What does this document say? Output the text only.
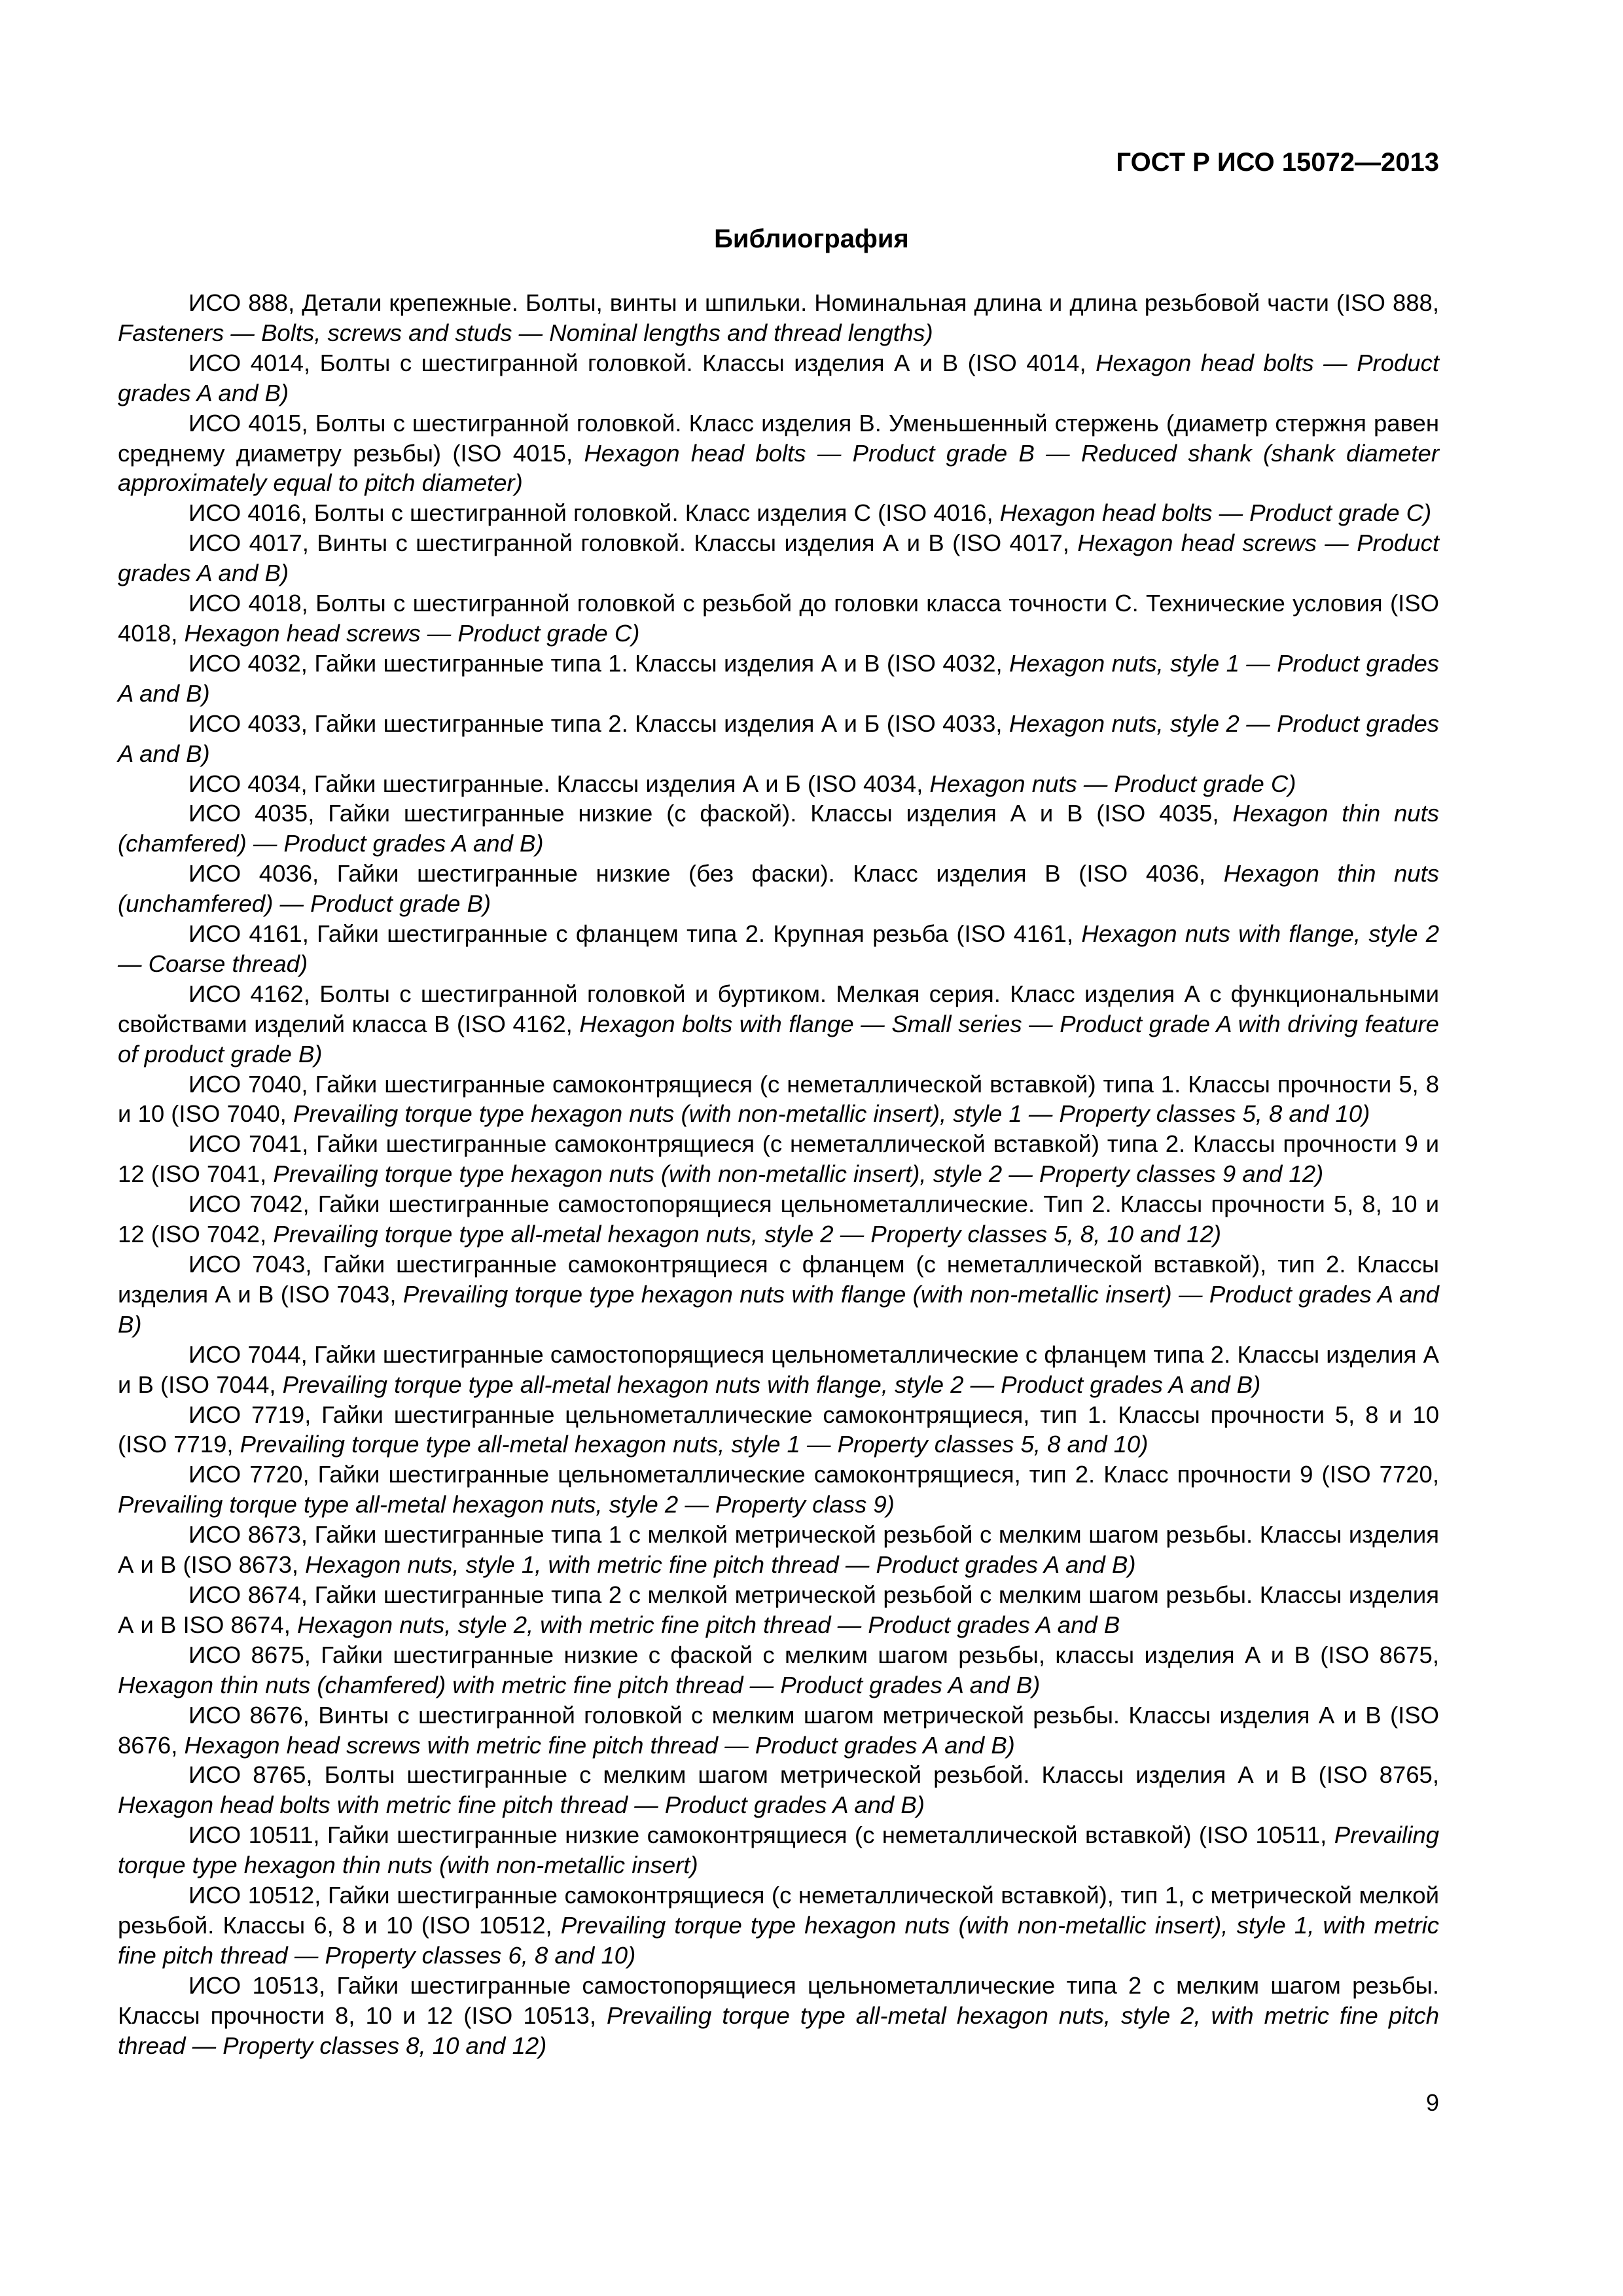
ГОСТ Р ИСО 15072—2013
Библиография

ИСО 888, Детали крепежные. Болты, винты и шпильки. Номинальная длина и длина резьбовой части (ISO 888, Fasteners — Bolts, screws and studs — Nominal lengths and thread lengths)

ИСО 4014, Болты с шестигранной головкой. Классы изделия А и В (ISO 4014, Hexagon head bolts — Product grades A and B)

ИСО 4015, Болты с шестигранной головкой. Класс изделия В. Уменьшенный стержень (диаметр стержня равен среднему диаметру резьбы) (ISO 4015, Hexagon head bolts — Product grade B — Reduced shank (shank diameter approximately equal to pitch diameter)

ИСО 4016, Болты с шестигранной головкой. Класс изделия С (ISO 4016, Hexagon head bolts — Product grade C)

ИСО 4017, Винты с шестигранной головкой. Классы изделия А и В (ISO 4017, Hexagon head screws — Product grades A and B)

ИСО 4018, Болты с шестигранной головкой с резьбой до головки класса точности С. Технические условия (ISO 4018, Hexagon head screws — Product grade C)

ИСО 4032, Гайки шестигранные типа 1. Классы изделия А и В (ISO 4032, Hexagon nuts, style 1 — Product grades A and B)

ИСО 4033, Гайки шестигранные типа 2. Классы изделия А и Б (ISO 4033, Hexagon nuts, style 2 — Product grades A and B)

ИСО 4034, Гайки шестигранные. Классы изделия А и Б (ISO 4034, Hexagon nuts — Product grade C)

ИСО 4035, Гайки шестигранные низкие (с фаской). Классы изделия А и В (ISO 4035, Hexagon thin nuts (chamfered) — Product grades A and B)

ИСО 4036, Гайки шестигранные низкие (без фаски). Класс изделия В (ISO 4036, Hexagon thin nuts (unchamfered) — Product grade B)

ИСО 4161, Гайки шестигранные с фланцем типа 2. Крупная резьба (ISO 4161, Hexagon nuts with flange, style 2 — Coarse thread)

ИСО 4162, Болты с шестигранной головкой и буртиком. Мелкая серия. Класс изделия А с функциональными свойствами изделий класса В (ISO 4162, Hexagon bolts with flange — Small series — Product grade A with driving feature of product grade B)

ИСО 7040, Гайки шестигранные самоконтрящиеся (с неметаллической вставкой) типа 1. Классы прочности 5, 8 и 10 (ISO 7040, Prevailing torque type hexagon nuts (with non-metallic insert), style 1 — Property classes 5, 8 and 10)

ИСО 7041, Гайки шестигранные самоконтрящиеся (с неметаллической вставкой) типа 2. Классы прочности 9 и 12 (ISO 7041, Prevailing torque type hexagon nuts (with non-metallic insert), style 2 — Property classes 9 and 12)

ИСО 7042, Гайки шестигранные самостопорящиеся цельнометаллические. Тип 2. Классы прочности 5, 8, 10 и 12 (ISO 7042, Prevailing torque type all-metal hexagon nuts, style 2 — Property classes 5, 8, 10 and 12)

ИСО 7043, Гайки шестигранные самоконтрящиеся с фланцем (с неметаллической вставкой), тип 2. Классы изделия А и В (ISO 7043, Prevailing torque type hexagon nuts with flange (with non-metallic insert) — Product grades A and B)

ИСО 7044, Гайки шестигранные самостопорящиеся цельнометаллические с фланцем типа 2. Классы изделия А и В (ISO 7044, Prevailing torque type all-metal hexagon nuts with flange, style 2 — Product grades A and B)

ИСО 7719, Гайки шестигранные цельнометаллические самоконтрящиеся, тип 1. Классы прочности 5, 8 и 10 (ISO 7719, Prevailing torque type all-metal hexagon nuts, style 1 — Property classes 5, 8 and 10)

ИСО 7720, Гайки шестигранные цельнометаллические самоконтрящиеся, тип 2. Класс прочности 9 (ISO 7720, Prevailing torque type all-metal hexagon nuts, style 2 — Property class 9)

ИСО 8673, Гайки шестигранные типа 1 с мелкой метрической резьбой с мелким шагом резьбы. Классы изделия А и В (ISO 8673, Hexagon nuts, style 1, with metric fine pitch thread — Product grades A and B)

ИСО 8674, Гайки шестигранные типа 2 с мелкой метрической резьбой с мелким шагом резьбы. Классы изделия А и В ISO 8674, Hexagon nuts, style 2, with metric fine pitch thread — Product grades A and B

ИСО 8675, Гайки шестигранные низкие с фаской с мелким шагом резьбы, классы изделия А и В (ISO 8675, Hexagon thin nuts (chamfered) with metric fine pitch thread — Product grades A and B)

ИСО 8676, Винты с шестигранной головкой с мелким шагом метрической резьбы. Классы изделия А и В (ISO 8676, Hexagon head screws with metric fine pitch thread — Product grades A and B)

ИСО 8765, Болты шестигранные с мелким шагом метрической резьбой. Классы изделия А и В (ISO 8765, Hexagon head bolts with metric fine pitch thread — Product grades A and B)

ИСО 10511, Гайки шестигранные низкие самоконтрящиеся (с неметаллической вставкой) (ISO 10511, Prevailing torque type hexagon thin nuts (with non-metallic insert)

ИСО 10512, Гайки шестигранные самоконтрящиеся (с неметаллической вставкой), тип 1, с метрической мелкой резьбой. Классы 6, 8 и 10 (ISO 10512, Prevailing torque type hexagon nuts (with non-metallic insert), style 1, with metric fine pitch thread — Property classes 6, 8 and 10)

ИСО 10513, Гайки шестигранные самостопорящиеся цельнометаллические типа 2 с мелким шагом резьбы. Классы прочности 8, 10 и 12 (ISO 10513, Prevailing torque type all-metal hexagon nuts, style 2, with metric fine pitch thread — Property classes 8, 10 and 12)

9
